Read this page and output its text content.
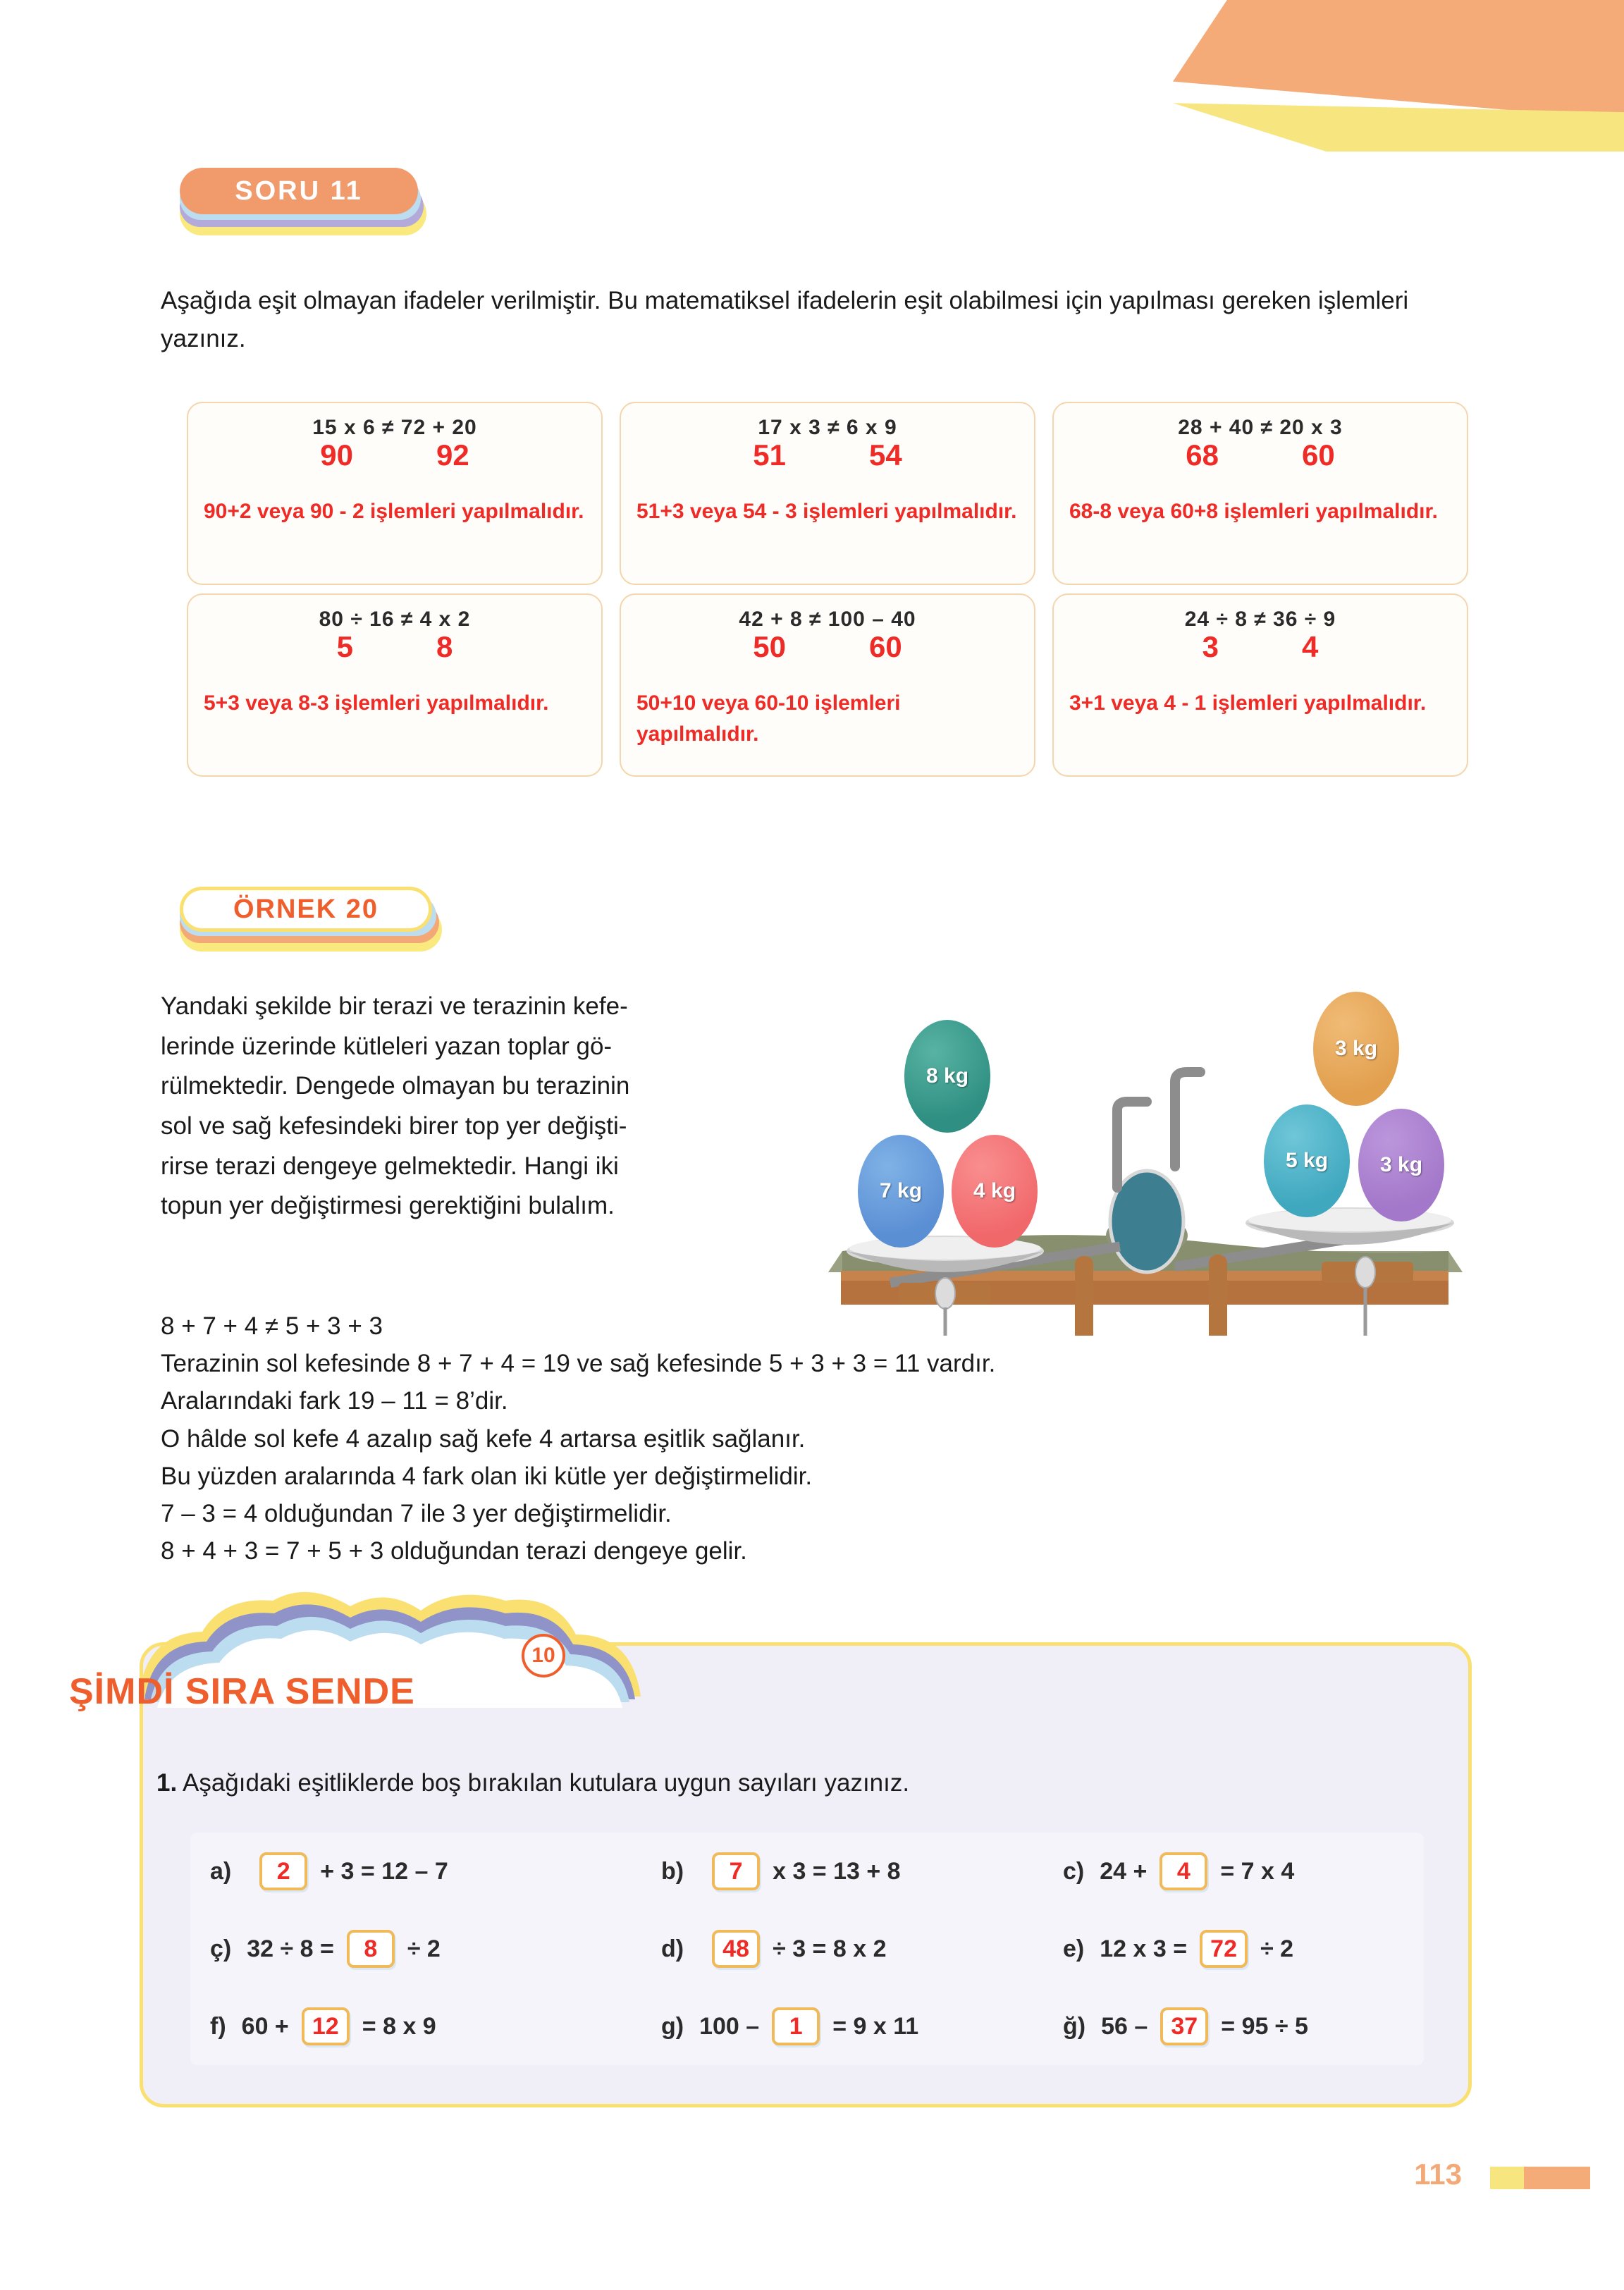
SORU 11
Aşağıda eşit olmayan ifadeler verilmiştir. Bu matematiksel ifadelerin eşit olabilmesi için yapılması gereken işlemleri yazınız.
15 x 6 ≠ 72 + 20
90	92
90+2 veya 90 - 2 işlemleri yapılmalıdır.
17 x 3 ≠ 6 x 9
51	54
51+3 veya 54 - 3 işlemleri yapılmalıdır.
28 + 40 ≠ 20 x 3
68	60
68-8 veya 60+8 işlemleri yapılmalıdır.
80 ÷ 16 ≠ 4 x 2
5	8
5+3 veya 8-3 işlemleri yapılmalıdır.
42 + 8 ≠ 100 – 40
50	60
50+10 veya 60-10 işlemleri yapılmalıdır.
24 ÷ 8 ≠ 36 ÷ 9
3	4
3+1 veya 4 - 1 işlemleri yapılmalıdır.
ÖRNEK 20
Yandaki şekilde bir terazi ve terazinin kefe-
lerinde üzerinde kütleleri yazan toplar gö-
rülmektedir. Dengede olmayan bu terazinin
sol ve sağ kefesindeki birer top yer değişti-
rirse terazi dengeye gelmektedir. Hangi iki
topun yer değiştirmesi gerektiğini bulalım.
8 kg
7 kg 4 kg
3 kg
5 kg 3 kg
8 + 7 + 4 ≠ 5 + 3 + 3
Terazinin sol kefesinde 8 + 7 + 4 = 19 ve sağ kefesinde 5 + 3 + 3 = 11 vardır.
Aralarındaki fark 19 – 11 = 8’dir.
O hâlde sol kefe 4 azalıp sağ kefe 4 artarsa eşitlik sağlanır.
Bu yüzden aralarında 4 fark olan iki kütle yer değiştirmelidir.
7 – 3 = 4 olduğundan 7 ile 3 yer değiştirmelidir.
8 + 4 + 3 = 7 + 5 + 3 olduğundan terazi dengeye gelir.
ŞİMDİ SIRA SENDE
10
1. Aşağıdaki eşitliklerde boş bırakılan kutulara uygun sayıları yazınız.
a)	2	+ 3 = 12 – 7	b)	7	x 3 = 13 + 8	c) 24 +	4	= 7 x 4
ç) 32 ÷ 8 =	8	÷ 2	d)	48 ÷ 3 = 8 x 2	e) 12 x 3 = 72 ÷ 2
f) 60 + 12 = 8 x 9	g) 100 –	1	= 9 x 11	ğ) 56 – 37 = 95 ÷ 5
113
